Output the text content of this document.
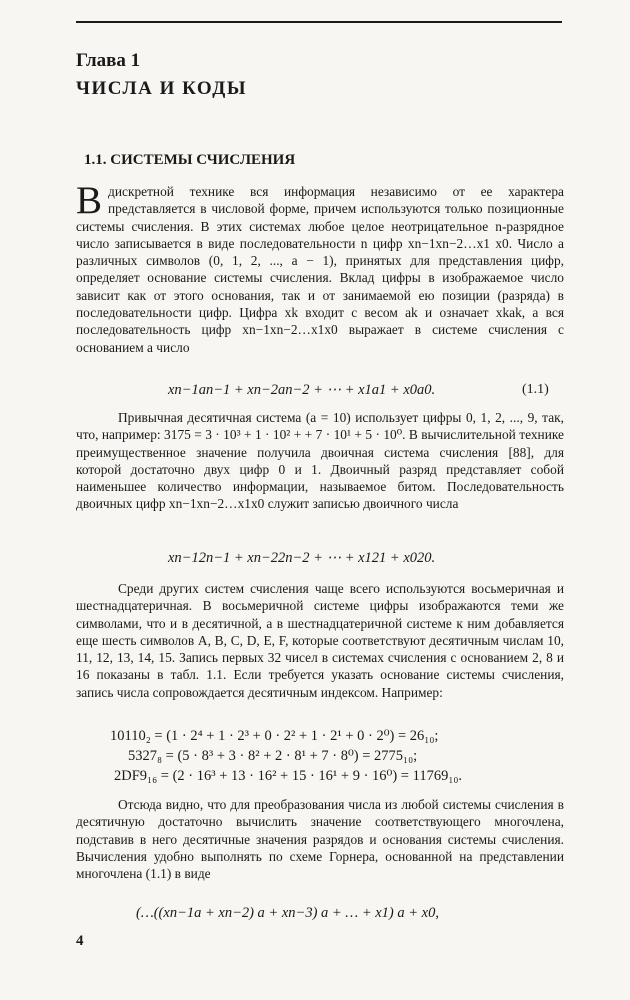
Глава 1
ЧИСЛА И КОДЫ
1.1. СИСТЕМЫ СЧИСЛЕНИЯ
Вдискретной технике вся информация независимо от ее характера представляется в числовой форме, причем используются только позиционные системы счисления. В этих системах любое целое неотрицательное n-разрядное число записывается в виде последовательности n цифр xn−1xn−2…x1 x0. Число a различных символов (0, 1, 2, ..., a − 1), принятых для представления цифр, определяет основание системы счисления. Вклад цифры в изображаемое число зависит как от этого основания, так и от занимаемой ею позиции (разряда) в последовательности цифр. Цифра xk входит с весом ak и означает xkak, а вся последовательность цифр xn−1xn−2…x1x0 выражает в системе счисления с основанием a число
xn−1an−1 + xn−2an−2 + ⋯ + x1a1 + x0a0.	(1.1)
Привычная десятичная система (a = 10) использует цифры 0, 1, 2, ..., 9, так, что, например: 3175 = 3 · 10³ + 1 · 10² + + 7 · 10¹ + 5 · 10⁰. В вычислительной технике преимущественное значение получила двоичная система счисления [88], для которой достаточно двух цифр 0 и 1. Двоичный разряд представляет собой наименьшее количество информации, называемое битом. Последовательность двоичных цифр xn−1xn−2…x1x0 служит записью двоичного числа
xn−12n−1 + xn−22n−2 + ⋯ + x121 + x020.
Среди других систем счисления чаще всего используются восьмеричная и шестнадцатеричная. В восьмеричной системе цифры изображаются теми же символами, что и в десятичной, а в шестнадцатеричной системе к ним добавляется еще шесть символов A, B, C, D, E, F, которые соответствуют десятичным числам 10, 11, 12, 13, 14, 15. Запись первых 32 чисел в системах счисления с основанием 2, 8 и 16 показаны в табл. 1.1. Если требуется указать основание системы счисления, запись числа сопровождается десятичным индексом. Например:
10110₂ = (1 · 2⁴ + 1 · 2³ + 0 · 2² + 1 · 2¹ + 0 · 2⁰) = 26₁₀;
5327₈ = (5 · 8³ + 3 · 8² + 2 · 8¹ + 7 · 8⁰) = 2775₁₀;
2DF9₁₆ = (2 · 16³ + 13 · 16² + 15 · 16¹ + 9 · 16⁰) = 11769₁₀.
Отсюда видно, что для преобразования числа из любой системы счисления в десятичную достаточно вычислить значение соответствующего многочлена, подставив в него десятичные значения разрядов и основания системы счисления. Вычисления удобно выполнять по схеме Горнера, основанной на представлении многочлена (1.1) в виде
(…((xn−1a + xn−2) a + xn−3) a + … + x1) a + x0,
4
